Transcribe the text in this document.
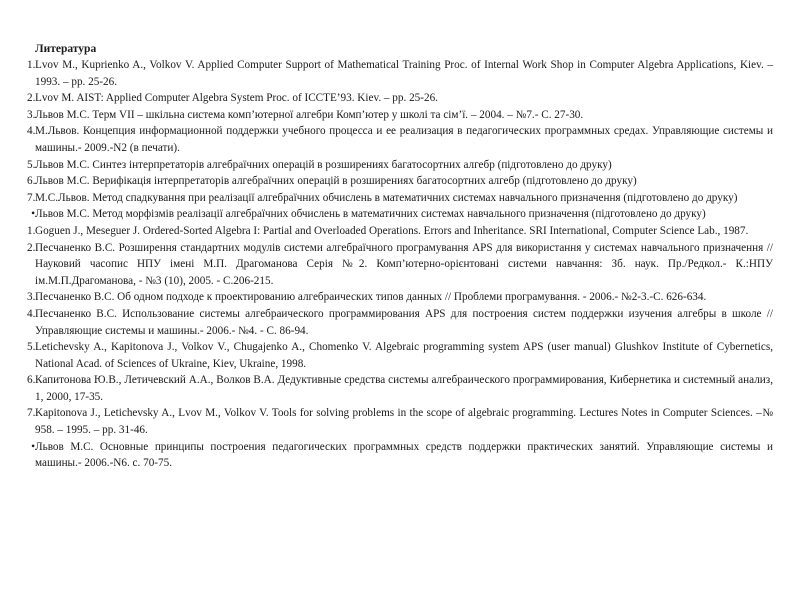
Литература
1. Lvov M., Kuprienko A., Volkov V. Applied Computer Support of Mathematical Training Proc. of Internal Work Shop in Computer Algebra Applications, Kiev. – 1993. – pp. 25-26.
2. Lvov M. AIST: Applied Computer Algebra System Proc. of ICCTE’93. Kiev. – pp. 25-26.
3. Львов М.С. Терм VII – шкільна система комп’ютерної алгебри Комп’ютер у школі та сім’ї. – 2004. – №7.- С. 27-30.
4. М.Львов. Концепция информационной поддержки учебного процесса и ее реализация в педагогических программных средах. Управляющие системы и машины.- 2009.-N2 (в печати).
5. Львов М.С. Синтез інтерпретаторів алгебраїчних операцій в розширениях багатосортних алгебр (підготовлено до друку)
6. Львов М.С. Верифікація інтерпретаторів алгебраїчних операцій в розширениях багатосортних алгебр (підготовлено до друку)
7. М.С.Львов. Метод спадкування при реалізації алгебраїчних обчислень в математичних системах навчального призначення (підготовлено до друку)
• Львов М.С. Метод морфізмів реалізації алгебраїчних обчислень в математичних системах навчального призначення (підготовлено до друку)
1. Goguen J., Meseguer J. Ordered-Sorted Algebra I: Partial and Overloaded Operations. Errors and Inheritance. SRI International, Computer Science Lab., 1987.
2. Песчаненко В.С. Розширення стандартних модулів системи алгебраїчного програмування APS для використання у системах навчального призначення // Науковий часопис НПУ імені М.П. Драгоманова Серія №2. Комп’ютерно-орієнтовані системи навчання: Зб. наук. Пр./Редкол.- К.:НПУ ім.М.П.Драгоманова, - №3 (10), 2005. - С.206-215.
3. Песчаненко В.С. Об одном подходе к проектированию алгебраических типов данных // Проблеми програмування. - 2006.- №2-3.-С. 626-634.
4. Песчаненко В.С. Использование системы алгебраического программирования APS для построения систем поддержки изучения алгебры в школе // Управляющие системы и машины.- 2006.- №4. - С. 86-94.
5. Letichevsky A., Kapitonova J., Volkov V., Chugajenko A., Chomenko V. Algebraic programming system APS (user manual) Glushkov Institute of Cybernetics, National Acad. of Sciences of Ukraine, Kiev, Ukraine, 1998.
6. Капитонова Ю.В., Летичевский А.А., Волков В.А. Дедуктивные средства системы алгебраического программирования, Кибернетика и системный анализ, 1, 2000, 17-35.
7. Kapitonova J., Letichevsky A., Lvov M., Volkov V. Tools for solving problems in the scope of algebraic programming. Lectures Notes in Computer Sciences. –№ 958. – 1995. – pp. 31-46.
• Львов М.С. Основные принципы построения педагогических программных средств поддержки практических занятий. Управляющие системы и машины.- 2006.-N6. с. 70-75.
